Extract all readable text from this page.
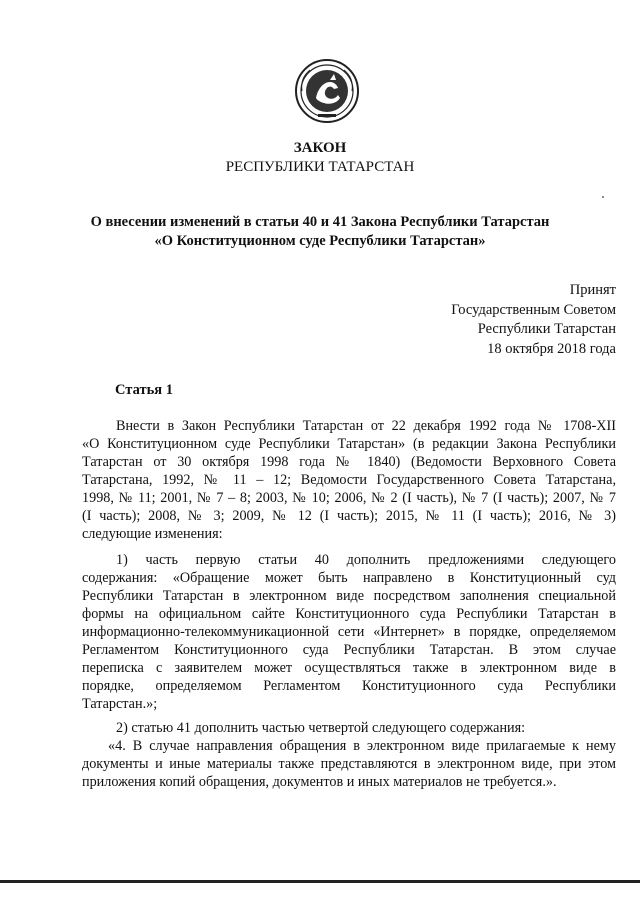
ЗАКОН
РЕСПУБЛИКИ ТАТАРСТАН
О внесении изменений в статьи 40 и 41 Закона Республики Татарстан
«О Конституционном суде Республики Татарстан»
Принят
Государственным Советом
Республики Татарстан
18 октября 2018 года
Статья 1
Внести в Закон Республики Татарстан от 22 декабря 1992 года № 1708-XII
«О Конституционном суде Республики Татарстан» (в редакции Закона Республики
Татарстан от 30 октября 1998 года № 1840) (Ведомости Верховного Совета
Татарстана, 1992, № 11 – 12; Ведомости Государственного Совета Татарстана,
1998, № 11; 2001, № 7 – 8; 2003, № 10; 2006, № 2 (I часть), № 7 (I часть); 2007, № 7
(I часть); 2008, № 3; 2009, № 12 (I часть); 2015, № 11 (I часть); 2016, № 3)
следующие изменения:
1) часть первую статьи 40 дополнить предложениями следующего
содержания: «Обращение может быть направлено в Конституционный суд
Республики Татарстан в электронном виде посредством заполнения специальной
формы на официальном сайте Конституционного суда Республики Татарстан в
информационно-телекоммуникационной сети «Интернет» в порядке, определяемом
Регламентом Конституционного суда Республики Татарстан. В этом случае
переписка с заявителем может осуществляться также в электронном виде в
порядке, определяемом Регламентом Конституционного суда Республики
Татарстан.»;
2) статью 41 дополнить частью четвертой следующего содержания:
«4. В случае направления обращения в электронном виде прилагаемые к нему
документы и иные материалы также представляются в электронном виде, при этом
приложения копий обращения, документов и иных материалов не требуется.».
